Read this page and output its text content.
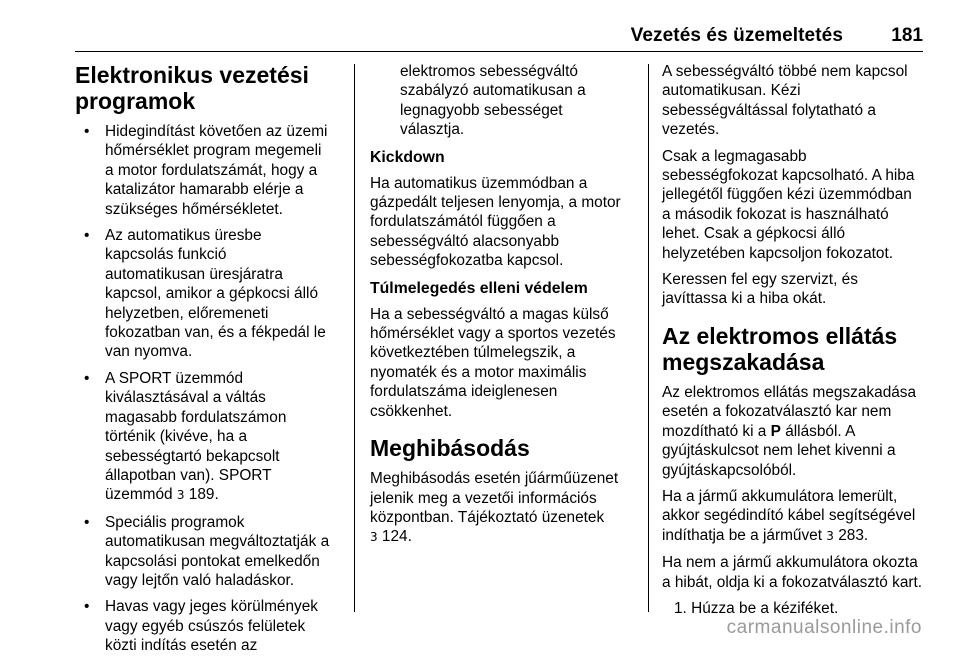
Vezetés és üzemeltetés	181
Elektronikus vezetési
programok
• Hidegindítást követően az üzemi
hőmérséklet program megemeli
a motor fordulatszámát, hogy a
katalizátor hamarabb elérje a
szükséges hőmérsékletet.
• Az automatikus üresbe
kapcsolás funkció
automatikusan üresjáratra
kapcsol, amikor a gépkocsi álló
helyzetben, előremeneti
fokozatban van, és a fékpedál le
van nyomva.
• A SPORT üzemmód
kiválasztásával a váltás
magasabb fordulatszámon
történik (kivéve, ha a
sebességtartó bekapcsolt
állapotban van). SPORT
üzemmód 3 189.
• Speciális programok
automatikusan megváltoztatják a
kapcsolási pontokat emelkedőn
vagy lejtőn való haladáskor.
• Havas vagy jeges körülmények
vagy egyéb csúszós felületek
közti indítás esetén az

elektromos sebességváltó
szabályzó automatikusan a
legnagyobb sebességet
választja.

Kickdown

Ha automatikus üzemmódban a
gázpedált teljesen lenyomja, a motor
fordulatszámától függően a
sebességváltó alacsonyabb
sebességfokozatba kapcsol.

Túlmelegedés elleni védelem

Ha a sebességváltó a magas külső
hőmérséklet vagy a sportos vezetés
következtében túlmelegszik, a
nyomaték és a motor maximális
fordulatszáma ideiglenesen
csökkenhet.

Meghibásodás

Meghibásodás esetén jűárműüzenet
jelenik meg a vezetői információs
központban. Tájékoztató üzenetek
3 124.

A sebességváltó többé nem kapcsol
automatikusan. Kézi
sebességváltással folytatható a
vezetés.

Csak a legmagasabb
sebességfokozat kapcsolható. A hiba
jellegétől függően kézi üzemmódban
a második fokozat is használható
lehet. Csak a gépkocsi álló
helyzetében kapcsoljon fokozatot.

Keressen fel egy szervizt, és
javíttassa ki a hiba okát.

Az elektromos ellátás
megszakadása

Az elektromos ellátás megszakadása
esetén a fokozatválasztó kar nem
mozdítható ki a P állásból. A
gyújtáskulcsot nem lehet kivenni a
gyújtáskapcsolóból.

Ha a jármű akkumulátora lemerült,
akkor segédindító kábel segítségével
indíthatja be a járművet 3 283.

Ha nem a jármű akkumulátora okozta
a hibát, oldja ki a fokozatválasztó kart.

1. Húzza be a kéziféket.

carmanualsonline.info
